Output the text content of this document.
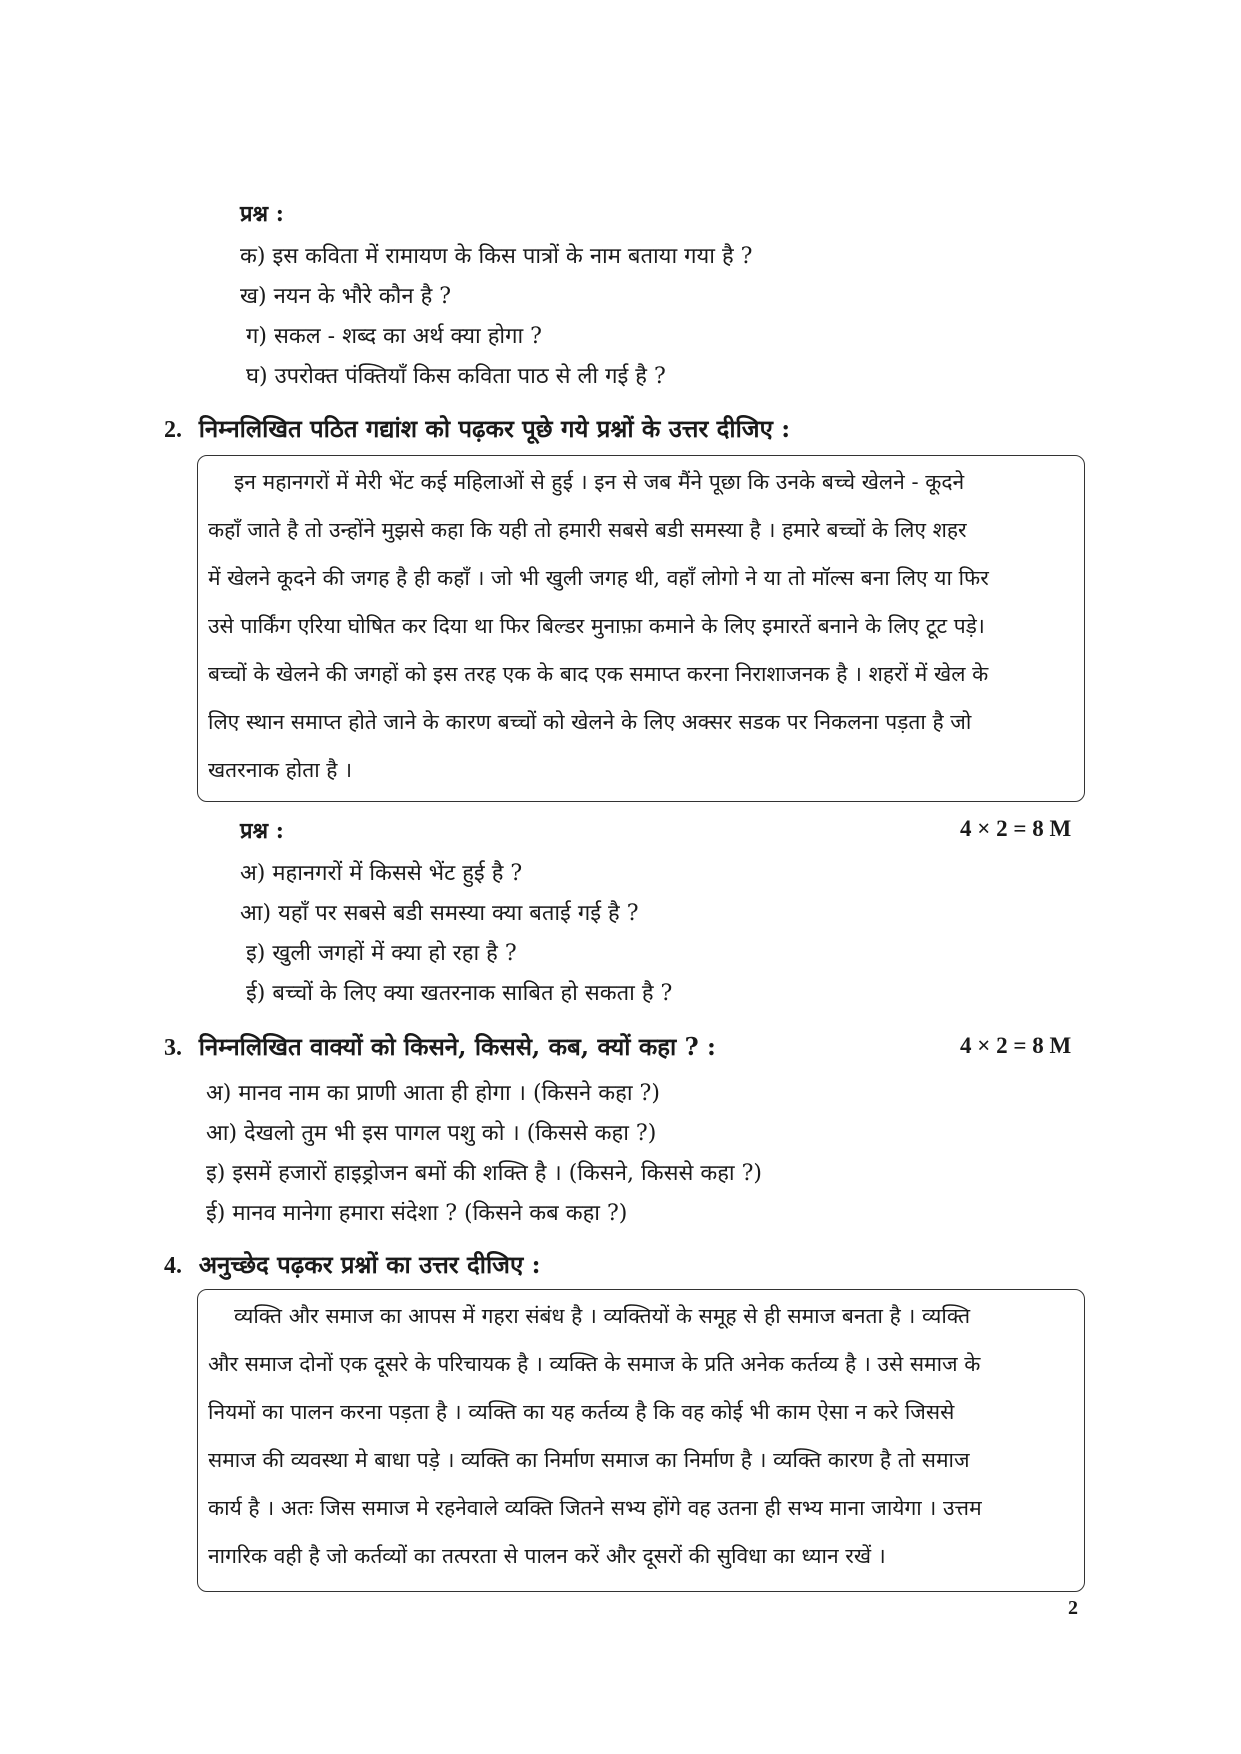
प्रश्न :
क) इस कविता में रामायण के किस पात्रों के नाम बताया गया है ?
ख) नयन के भौरे कौन है ?
ग) सकल - शब्द का अर्थ क्या होगा ?
घ) उपरोक्त पंक्तियाँ किस कविता पाठ से ली गई है ?
2. निम्नलिखित पठित गद्यांश को पढ़कर पूछे गये प्रश्नों के उत्तर दीजिए :
इन महानगरों में मेरी भेंट कई महिलाओं से हुई । इन से जब मैंने पूछा कि उनके बच्चे खेलने - कूदने
कहाँ जाते है तो उन्होंने मुझसे कहा कि यही तो हमारी सबसे बडी समस्या है । हमारे बच्चों के लिए शहर
में खेलने कूदने की जगह है ही कहाँ । जो भी खुली जगह थी, वहाँ लोगो ने या तो मॉल्स बना लिए या फिर
उसे पार्किंग एरिया घोषित कर दिया था फिर बिल्डर मुनाफ़ा कमाने के लिए इमारतें बनाने के लिए टूट पड़े।
बच्चों के खेलने की जगहों को इस तरह एक के बाद एक समाप्त करना निराशाजनक है । शहरों में खेल के
लिए स्थान समाप्त होते जाने के कारण बच्चों को खेलने के लिए अक्सर सडक पर निकलना पड़ता है जो
खतरनाक होता है ।
प्रश्न :	4 × 2 = 8 M
अ) महानगरों में किससे भेंट हुई है ?
आ) यहाँ पर सबसे बडी समस्या क्या बताई गई है ?
इ) खुली जगहों में क्या हो रहा है ?
ई) बच्चों के लिए क्या खतरनाक साबित हो सकता है ?
3. निम्नलिखित वाक्यों को किसने, किससे, कब, क्यों कहा ? :	4 × 2 = 8 M
अ) मानव नाम का प्राणी आता ही होगा । (किसने कहा ?)
आ) देखलो तुम भी इस पागल पशु को । (किससे कहा ?)
इ) इसमें हजारों हाइड्रोजन बमों की शक्ति है । (किसने, किससे कहा ?)
ई) मानव मानेगा हमारा संदेशा ? (किसने कब कहा ?)
4. अनुच्छेद पढ़कर प्रश्नों का उत्तर दीजिए :
व्यक्ति और समाज का आपस में गहरा संबंध है । व्यक्तियों के समूह से ही समाज बनता है । व्यक्ति
और समाज दोनों एक दूसरे के परिचायक है । व्यक्ति के समाज के प्रति अनेक कर्तव्य है । उसे समाज के
नियमों का पालन करना पड़ता है । व्यक्ति का यह कर्तव्य है कि वह कोई भी काम ऐसा न करे जिससे
समाज की व्यवस्था मे बाधा पड़े । व्यक्ति का निर्माण समाज का निर्माण है । व्यक्ति कारण है तो समाज
कार्य है । अतः जिस समाज मे रहनेवाले व्यक्ति जितने सभ्य होंगे वह उतना ही सभ्य माना जायेगा । उत्तम
नागरिक वही है जो कर्तव्यों का तत्परता से पालन करें और दूसरों की सुविधा का ध्यान रखें ।
2
